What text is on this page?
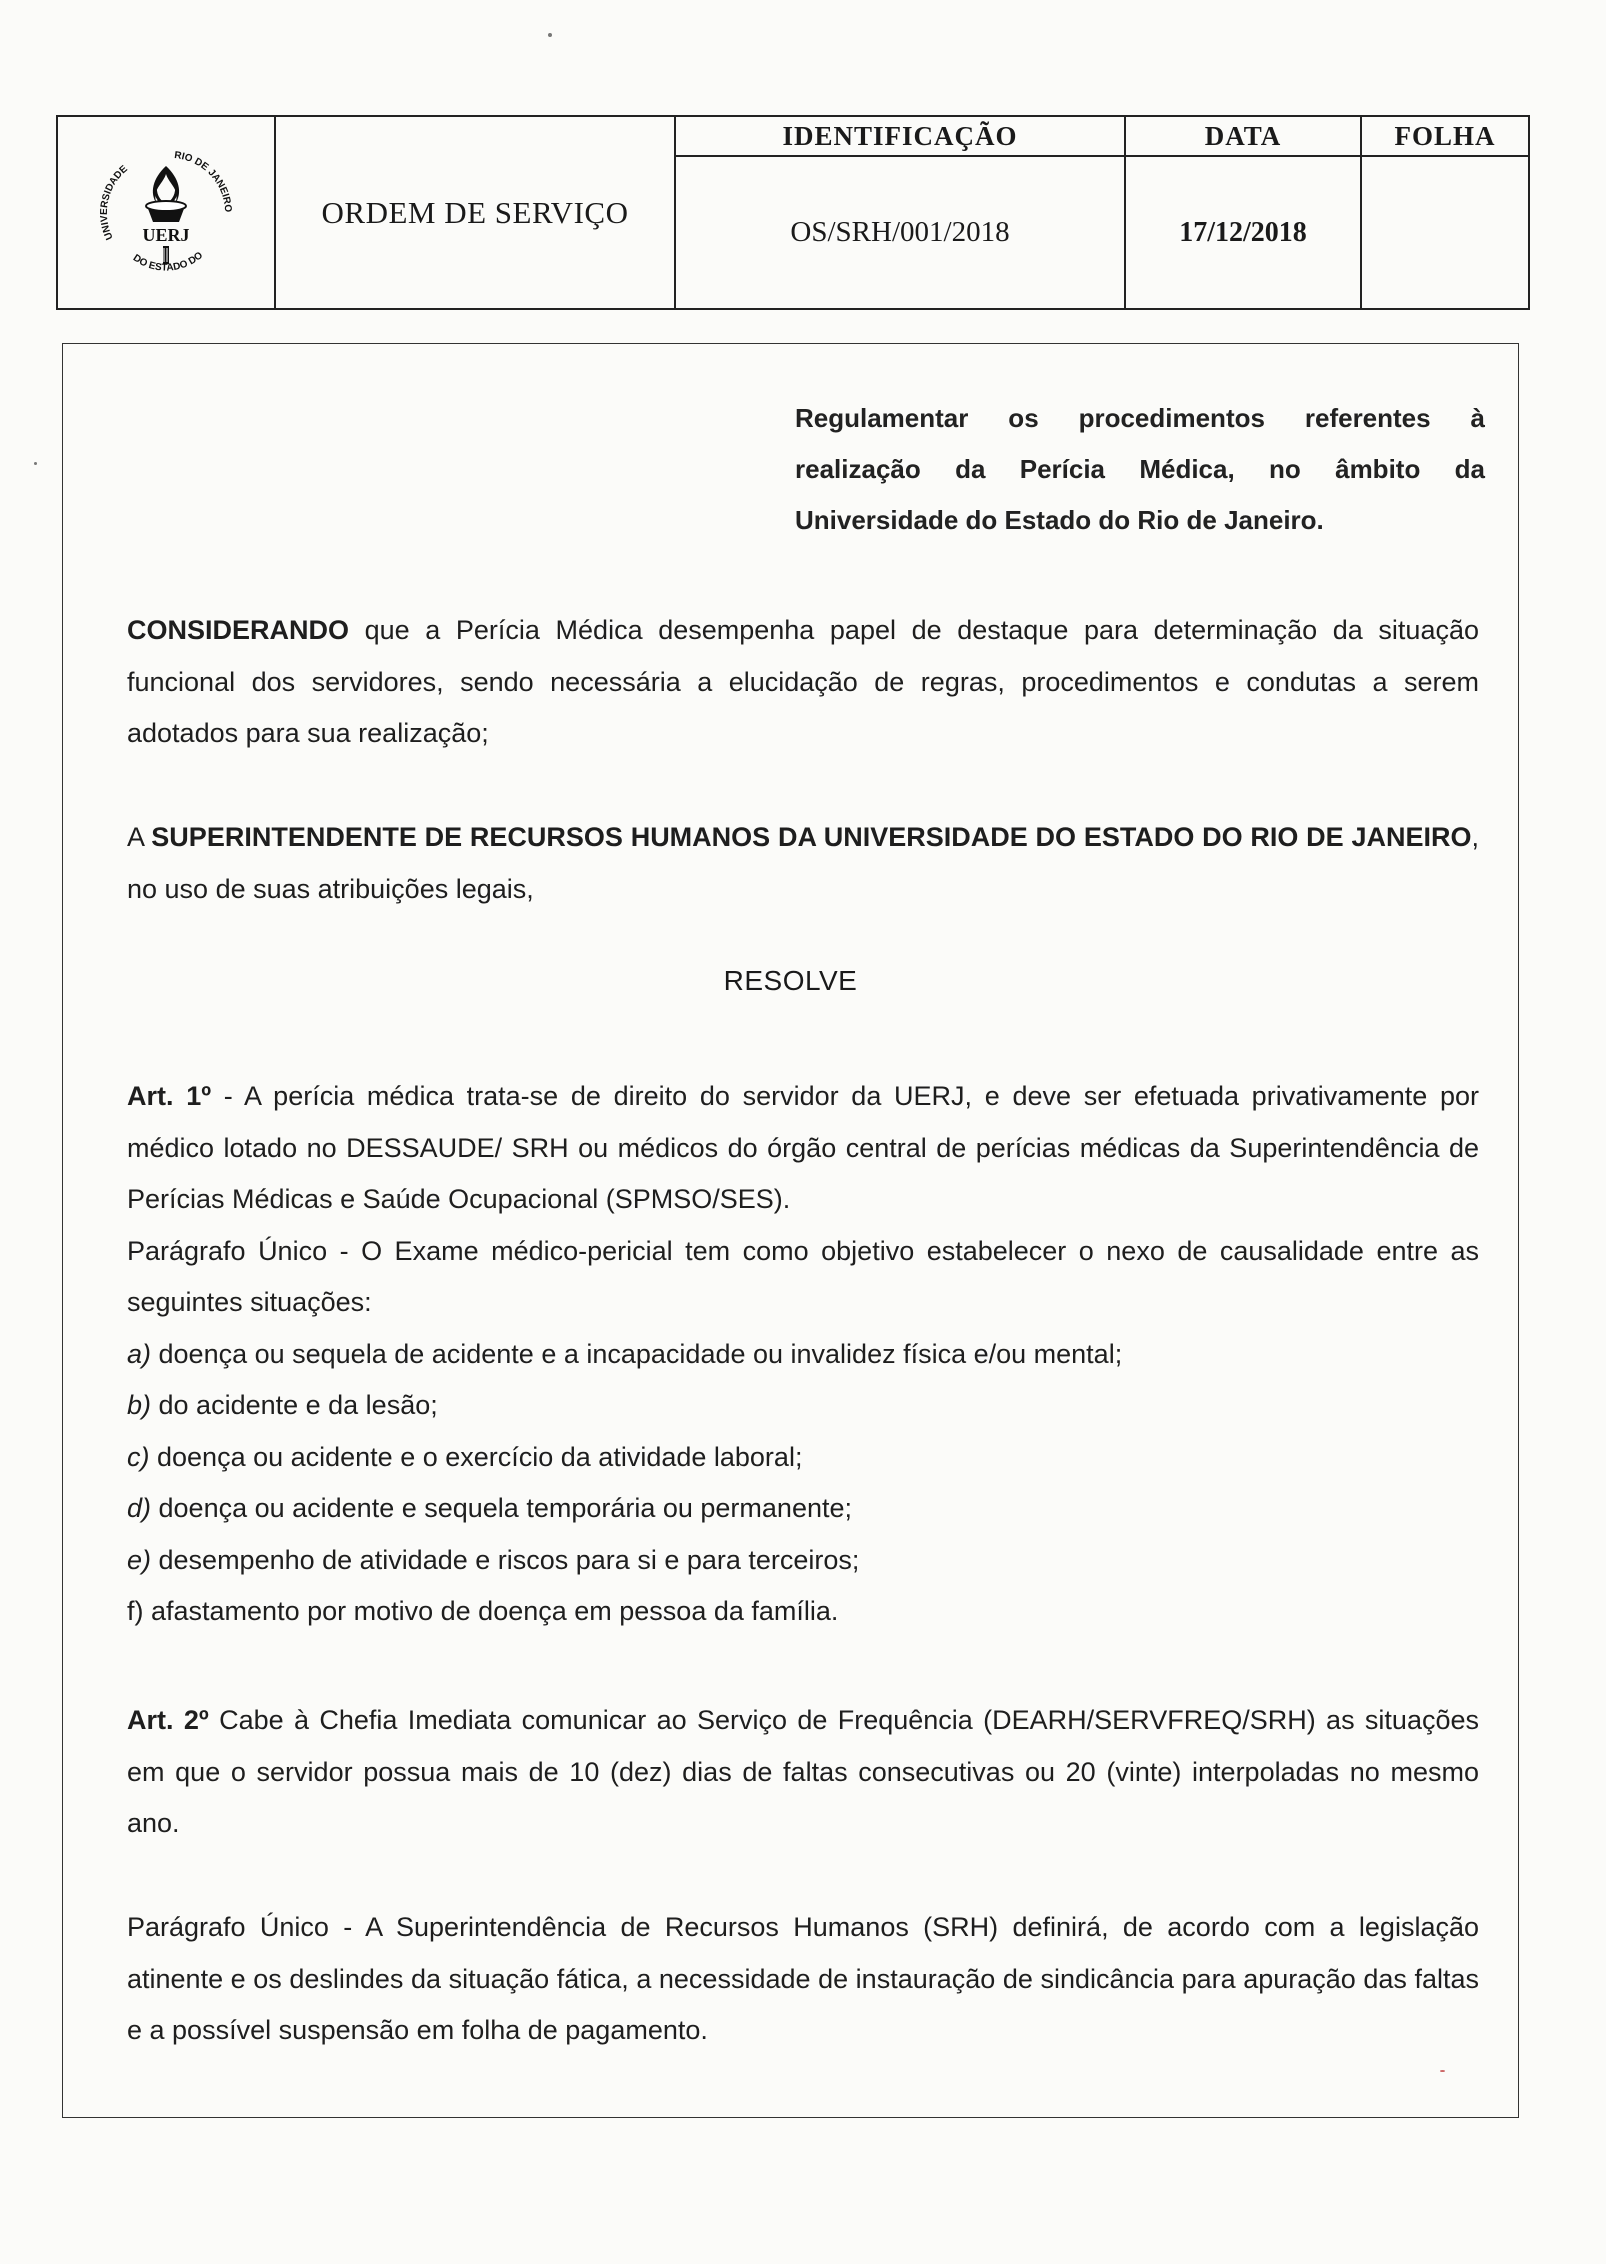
UERJ
UNIVERSIDADE
RIO DE JANEIRO
DO ESTADO DO
ORDEM DE SERVIÇO
IDENTIFICAÇÃO	DATA	FOLHA
OS/SRH/001/2018	17/12/2018
Regulamentar os procedimentos referentes à realização da Perícia Médica, no âmbito da Universidade do Estado do Rio de Janeiro.
CONSIDERANDO que a Perícia Médica desempenha papel de destaque para determinação da situação funcional dos servidores, sendo necessária a elucidação de regras, procedimentos e condutas a serem adotados para sua realização;
A SUPERINTENDENTE DE RECURSOS HUMANOS DA UNIVERSIDADE DO ESTADO DO RIO DE JANEIRO, no uso de suas atribuições legais,
RESOLVE
Art. 1º - A perícia médica trata-se de direito do servidor da UERJ, e deve ser efetuada privativamente por médico lotado no DESSAUDE/ SRH ou médicos do órgão central de perícias médicas da Superintendência de Perícias Médicas e Saúde Ocupacional (SPMSO/SES).
Parágrafo Único - O Exame médico-pericial tem como objetivo estabelecer o nexo de causalidade entre as seguintes situações:
a) doença ou sequela de acidente e a incapacidade ou invalidez física e/ou mental;
b) do acidente e da lesão;
c) doença ou acidente e o exercício da atividade laboral;
d) doença ou acidente e sequela temporária ou permanente;
e) desempenho de atividade e riscos para si e para terceiros;
f) afastamento por motivo de doença em pessoa da família.
Art. 2º Cabe à Chefia Imediata comunicar ao Serviço de Frequência (DEARH/SERVFREQ/SRH) as situações em que o servidor possua mais de 10 (dez) dias de faltas consecutivas ou 20 (vinte) interpoladas no mesmo ano.
Parágrafo Único - A Superintendência de Recursos Humanos (SRH) definirá, de acordo com a legislação atinente e os deslindes da situação fática, a necessidade de instauração de sindicância para apuração das faltas e a possível suspensão em folha de pagamento.
